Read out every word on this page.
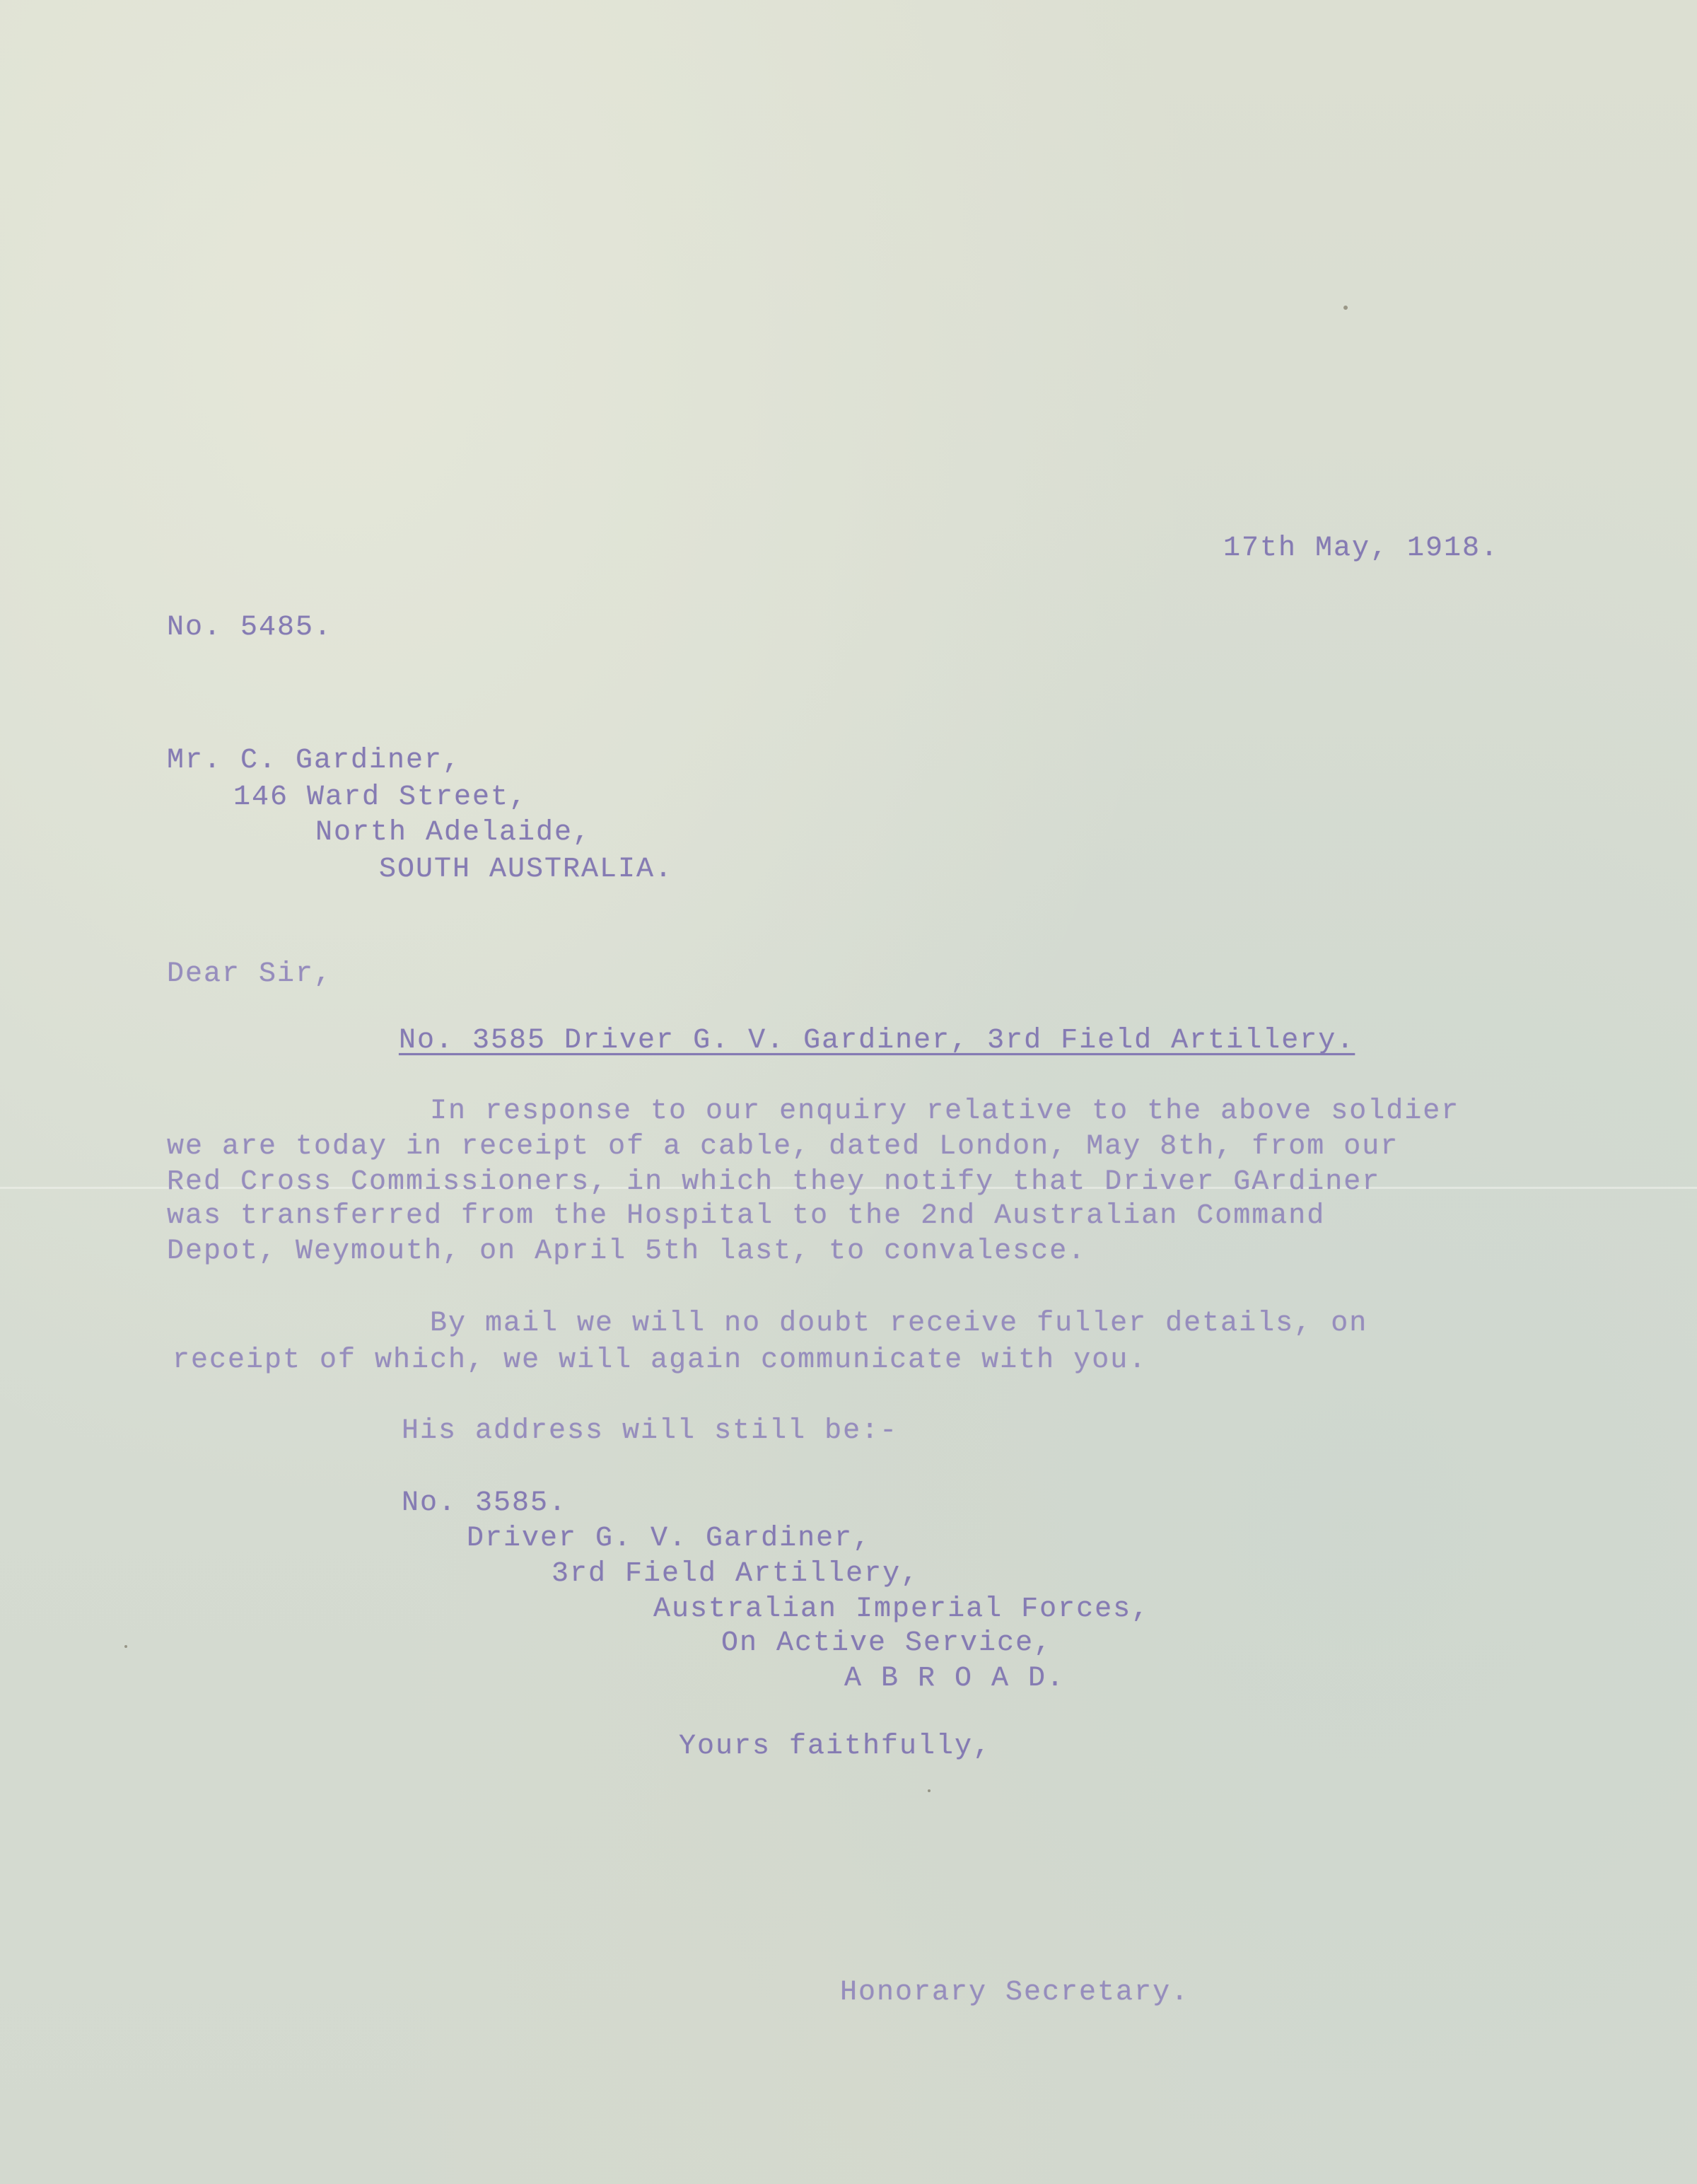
17th May, 1918.
No. 5485.
Mr. C. Gardiner,
146 Ward Street,
North Adelaide,
SOUTH AUSTRALIA.
Dear Sir,
No. 3585 Driver G. V. Gardiner, 3rd Field Artillery.
In response to our enquiry relative to the above soldier
we are today in receipt of a cable, dated London, May 8th, from our
Red Cross Commissioners, in which they notify that Driver GArdiner
was transferred from the Hospital to the 2nd Australian Command
Depot, Weymouth, on April 5th last, to convalesce.
By mail we will no doubt receive fuller details, on
receipt of which, we will again communicate with you.
His address will still be:-
No. 3585.
Driver G. V. Gardiner,
3rd Field Artillery,
Australian Imperial Forces,
On Active Service,
A B R O A D.
Yours faithfully,
Honorary Secretary.
